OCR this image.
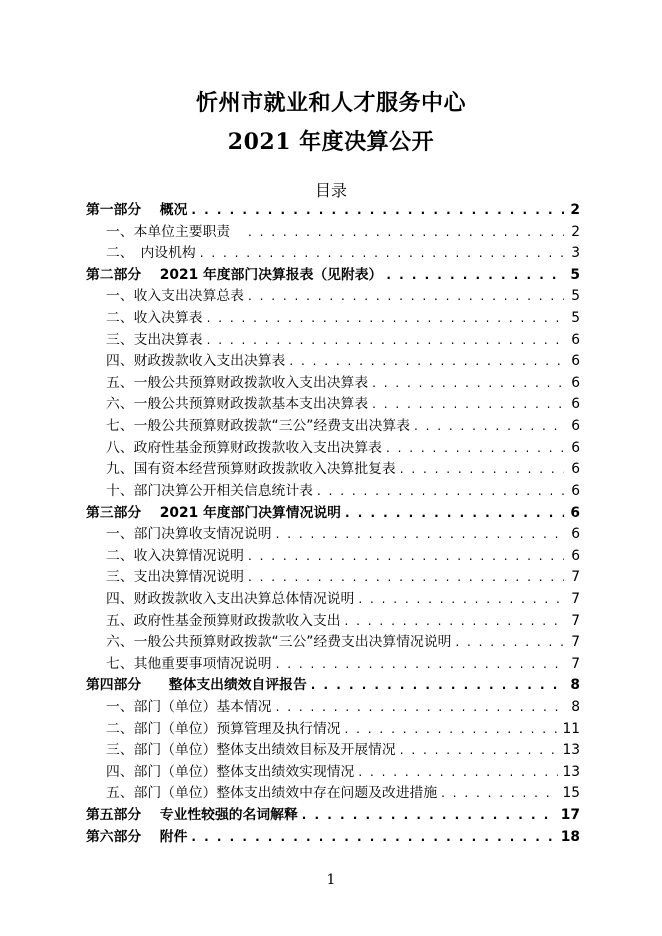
忻州市就业和人才服务中心
2021 年度决算公开
目录
第一部分　 概况 . . .	2
一、本单位主要职责　 . . .	2
二、　内设机构 . . .	3
第二部分　 2021 年度部门决算报表（见附表） . . .	5
一、收入支出决算总表 . . .	5
二、收入决算表 . . .	5
三、支出决算表 . . .	6
四、财政拨款收入支出决算表 . . .	6
五、一般公共预算财政拨款收入支出决算表 . . .	6
六、一般公共预算财政拨款基本支出决算表 . . .	6
七、一般公共预算财政拨款“三公”经费支出决算表 . . .	6
八、政府性基金预算财政拨款收入支出决算表 . . .	6
九、国有资本经营预算财政拨款收入决算批复表 . . .	6
十、部门决算公开相关信息统计表 . . .	6
第三部分　 2021 年度部门决算情况说明 . . .	6
一、部门决算收支情况说明 . . .	6
二、收入决算情况说明 . . .	6
三、支出决算情况说明 . . .	7
四、财政拨款收入支出决算总体情况说明 . . .	7
五、政府性基金预算财政拨款收入支出 . . .	7
六、一般公共预算财政拨款“三公”经费支出决算情况说明 . . .	7
七、其他重要事项情况说明 . . .	7
第四部分　　整体支出绩效自评报告 . . .	8
一、部门（单位）基本情况 . . .	8
二、部门（单位）预算管理及执行情况 . . .	11
三、部门（单位）整体支出绩效目标及开展情况 . . .	13
四、部门（单位）整体支出绩效实现情况 . . .	13
五、部门（单位）整体支出绩效中存在问题及改进措施 . . .	15
第五部分　 专业性较强的名词解释 . . .	17
第六部分　 附件 . . .	18
1
